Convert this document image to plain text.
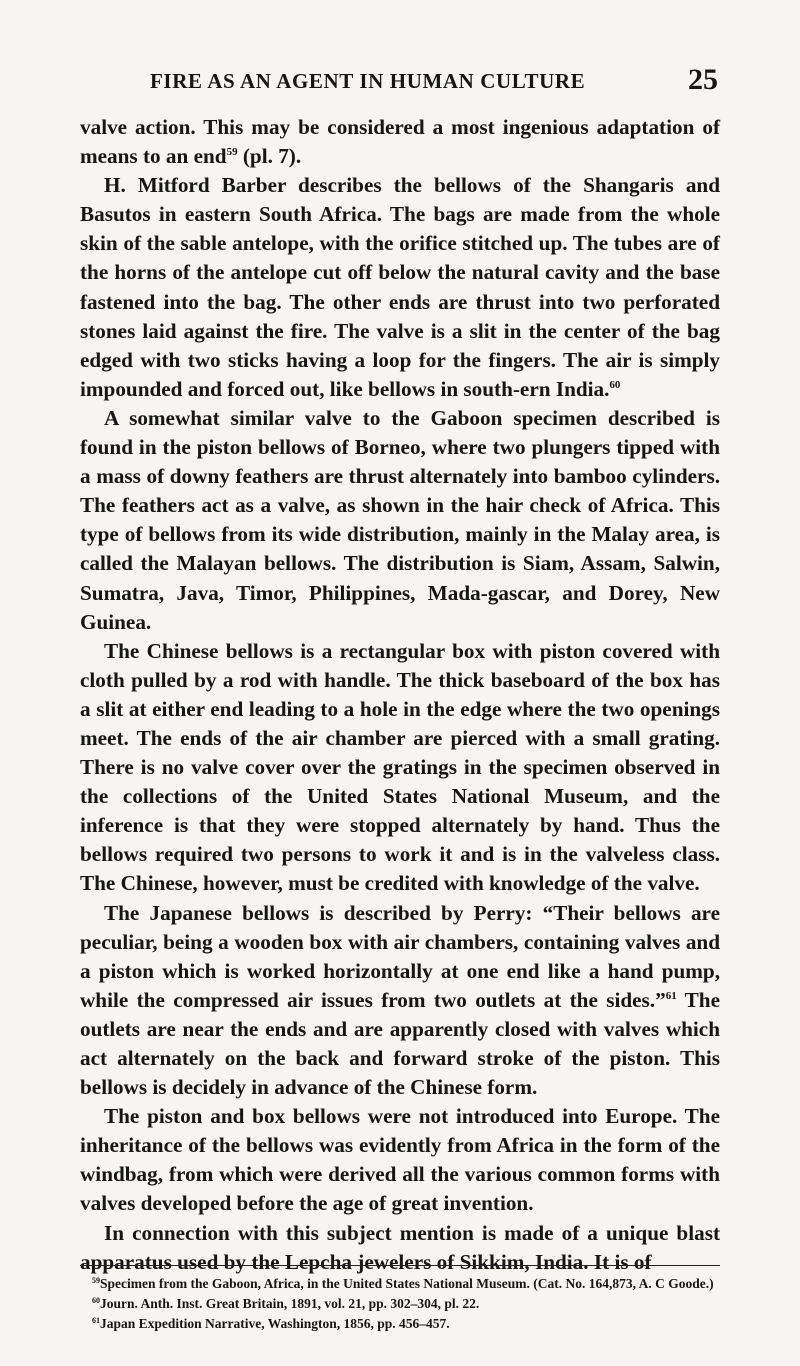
FIRE AS AN AGENT IN HUMAN CULTURE	25

valve action. This may be considered a most ingenious adaptation of means to an end$^{59}$ (pl. 7).

H. Mitford Barber describes the bellows of the Shangaris and Basutos in eastern South Africa. The bags are made from the whole skin of the sable antelope, with the orifice stitched up. The tubes are of the horns of the antelope cut off below the natural cavity and the base fastened into the bag. The other ends are thrust into two perforated stones laid against the fire. The valve is a slit in the center of the bag edged with two sticks having a loop for the fingers. The air is simply impounded and forced out, like bellows in south-ern India.$^{60}$

A somewhat similar valve to the Gaboon specimen described is found in the piston bellows of Borneo, where two plungers tipped with a mass of downy feathers are thrust alternately into bamboo cylinders. The feathers act as a valve, as shown in the hair check of Africa. This type of bellows from its wide distribution, mainly in the Malay area, is called the Malayan bellows. The distribution is Siam, Assam, Salwin, Sumatra, Java, Timor, Philippines, Mada-gascar, and Dorey, New Guinea.

The Chinese bellows is a rectangular box with piston covered with cloth pulled by a rod with handle. The thick baseboard of the box has a slit at either end leading to a hole in the edge where the two openings meet. The ends of the air chamber are pierced with a small grating. There is no valve cover over the gratings in the specimen observed in the collections of the United States National Museum, and the inference is that they were stopped alternately by hand. Thus the bellows required two persons to work it and is in the valveless class. The Chinese, however, must be credited with knowledge of the valve.

The Japanese bellows is described by Perry: “Their bellows are peculiar, being a wooden box with air chambers, containing valves and a piston which is worked horizontally at one end like a hand pump, while the compressed air issues from two outlets at the sides.”$^{61}$ The outlets are near the ends and are apparently closed with valves which act alternately on the back and forward stroke of the piston. This bellows is decidely in advance of the Chinese form.

The piston and box bellows were not introduced into Europe. The inheritance of the bellows was evidently from Africa in the form of the windbag, from which were derived all the various common forms with valves developed before the age of great invention.

In connection with this subject mention is made of a unique blast apparatus used by the Lepcha jewelers of Sikkim, India. It is of

$^{59}$Specimen from the Gaboon, Africa, in the United States National Museum. (Cat. No. 164,873, A. C Goode.)

$^{60}$Journ. Anth. Inst. Great Britain, 1891, vol. 21, pp. 302–304, pl. 22.

$^{61}$Japan Expedition Narrative, Washington, 1856, pp. 456–457.
